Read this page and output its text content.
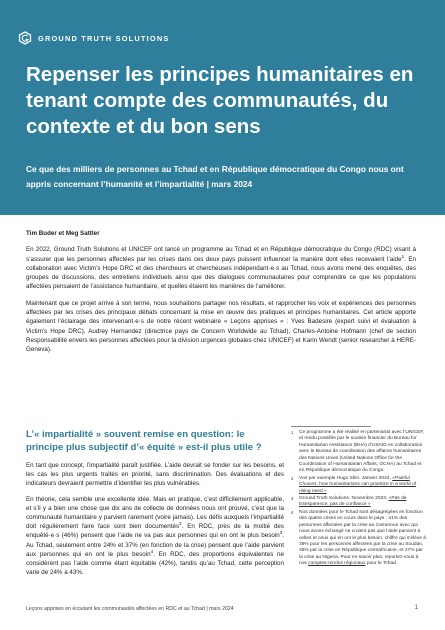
GROUND TRUTH SOLUTIONS
Repenser les principes humanitaires en tenant compte des communautés, du contexte et du bon sens

Ce que des milliers de personnes au Tchad et en République démocratique du Congo nous ont appris concernant l’humanité et l’impartialité | mars 2024

Tim Buder et Meg Sattler

En 2022, Ground Truth Solutions et UNICEF ont lancé un programme au Tchad et en République démocratique du Congo (RDC) visant à s’assurer que les personnes affectées par les crises dans ces deux pays puissent influencer la manière dont elles recevaient l’aide$^1$. En collaboration avec Victim’s Hope DRC et des chercheurs et chercheuses indépendant·e·s au Tchad, nous avons mené des enquêtes, des groupes de discussions, des entretiens individuels ainsi que des dialogues communautaires pour comprendre ce que les populations affectées pensaient de l’assistance humanitaire, et quelles étaient les manières de l’améliorer.

Maintenant que ce projet arrive à son terme, nous souhaitions partager nos résultats, et rapprocher les voix et expériences des personnes affectées par les crises des principaux débats concernant la mise en œuvre des pratiques et principes humanitaires. Cet article apporte également l’éclairage des intervenant·e·s de notre récent webinaire « Leçons apprises » : Yves Badesire (expert suivi et évaluation à Victim’s Hope DRC), Audrey Hernandez (directrice pays de Concern Worldwide au Tchad), Charles-Antoine Hofmann (chef de section Responsabilité envers les personnes affectées pour la division urgences globales chez UNICEF) et Karin Wendt (senior researcher à HERE-Geneva).

L’« impartialité » souvent remise en question: le principe plus subjectif d’« équité » est-il plus utile ?

En tant que concept, l’impartialité paraît justifiée. L’aide devrait se fonder sur les besoins, et les cas les plus urgents traités en priorité, sans discrimination. Des évaluations et des indicateurs devraient permettre d’identifier les plus vulnérables.

En théorie, cela semble une excellente idée. Mais en pratique, c’est difficilement applicable, et s’il y a bien une chose que dix ans de collecte de données nous ont prouvé, c’est que la communauté humanitaire y parvient rarement (voire jamais). Les défis auxquels l’impartialité doit régulièrement faire face sont bien documentés$^2$. En RDC, près de la moitié des enquêté·e·s (46%) pensent que l’aide ne va pas aux personnes qui en ont le plus besoin$^3$. Au Tchad, seulement entre 24% et 37% (en fonction de la crise) pensent que l’aide parvient aux personnes qui en ont le plus besoin$^4$. En RDC, des proportions équivalentes ne considèrent pas l’aide comme étant équitable (42%), tandis qu’au Tchad, cette perception varie de 24% à 43%.

1 Ce programme a été réalisé en partenariat avec l’UNICEF, et rendu possible par le soutien financier du Bureau for Humanitarian Assistance (BHA) d’USAID en collaboration avec le Bureau de coordination des affaires humanitaires des Nations Unies (United Nations Office for the Coordination of Humanitarian Affairs, OCHA) au Tchad et en République démocratique du Congo.
2 Voir par exemple Hugo Slim. Janvier 2024. «Painful Choices: how humanitarians can prioritize in a world of rising need »
3 Ground Truth Solutions. Novembre 2023. «Pas de transparence, pas de confiance »
4 Nos données pour le Tchad sont désagrégées en fonction des quatre crises en cours dans le pays : 41% des personnes affectées par la crise au Cameroun avec qui nous avons échangé ne croient pas que l’aide parvient à celles et ceux qui en ont le plus besoin, chiffre qui s’élève à 39% pour les personnes affectées par la crise au Soudan, 35% par la crise en République centrafricaine, et 27% par la crise au Nigeria. Pour en savoir plus, reportez-vous à nos comptes-rendus régionaux pour le Tchad.
Leçons apprises en écoutant les communautés affectées en RDC et au Tchad | mars 2024	1
